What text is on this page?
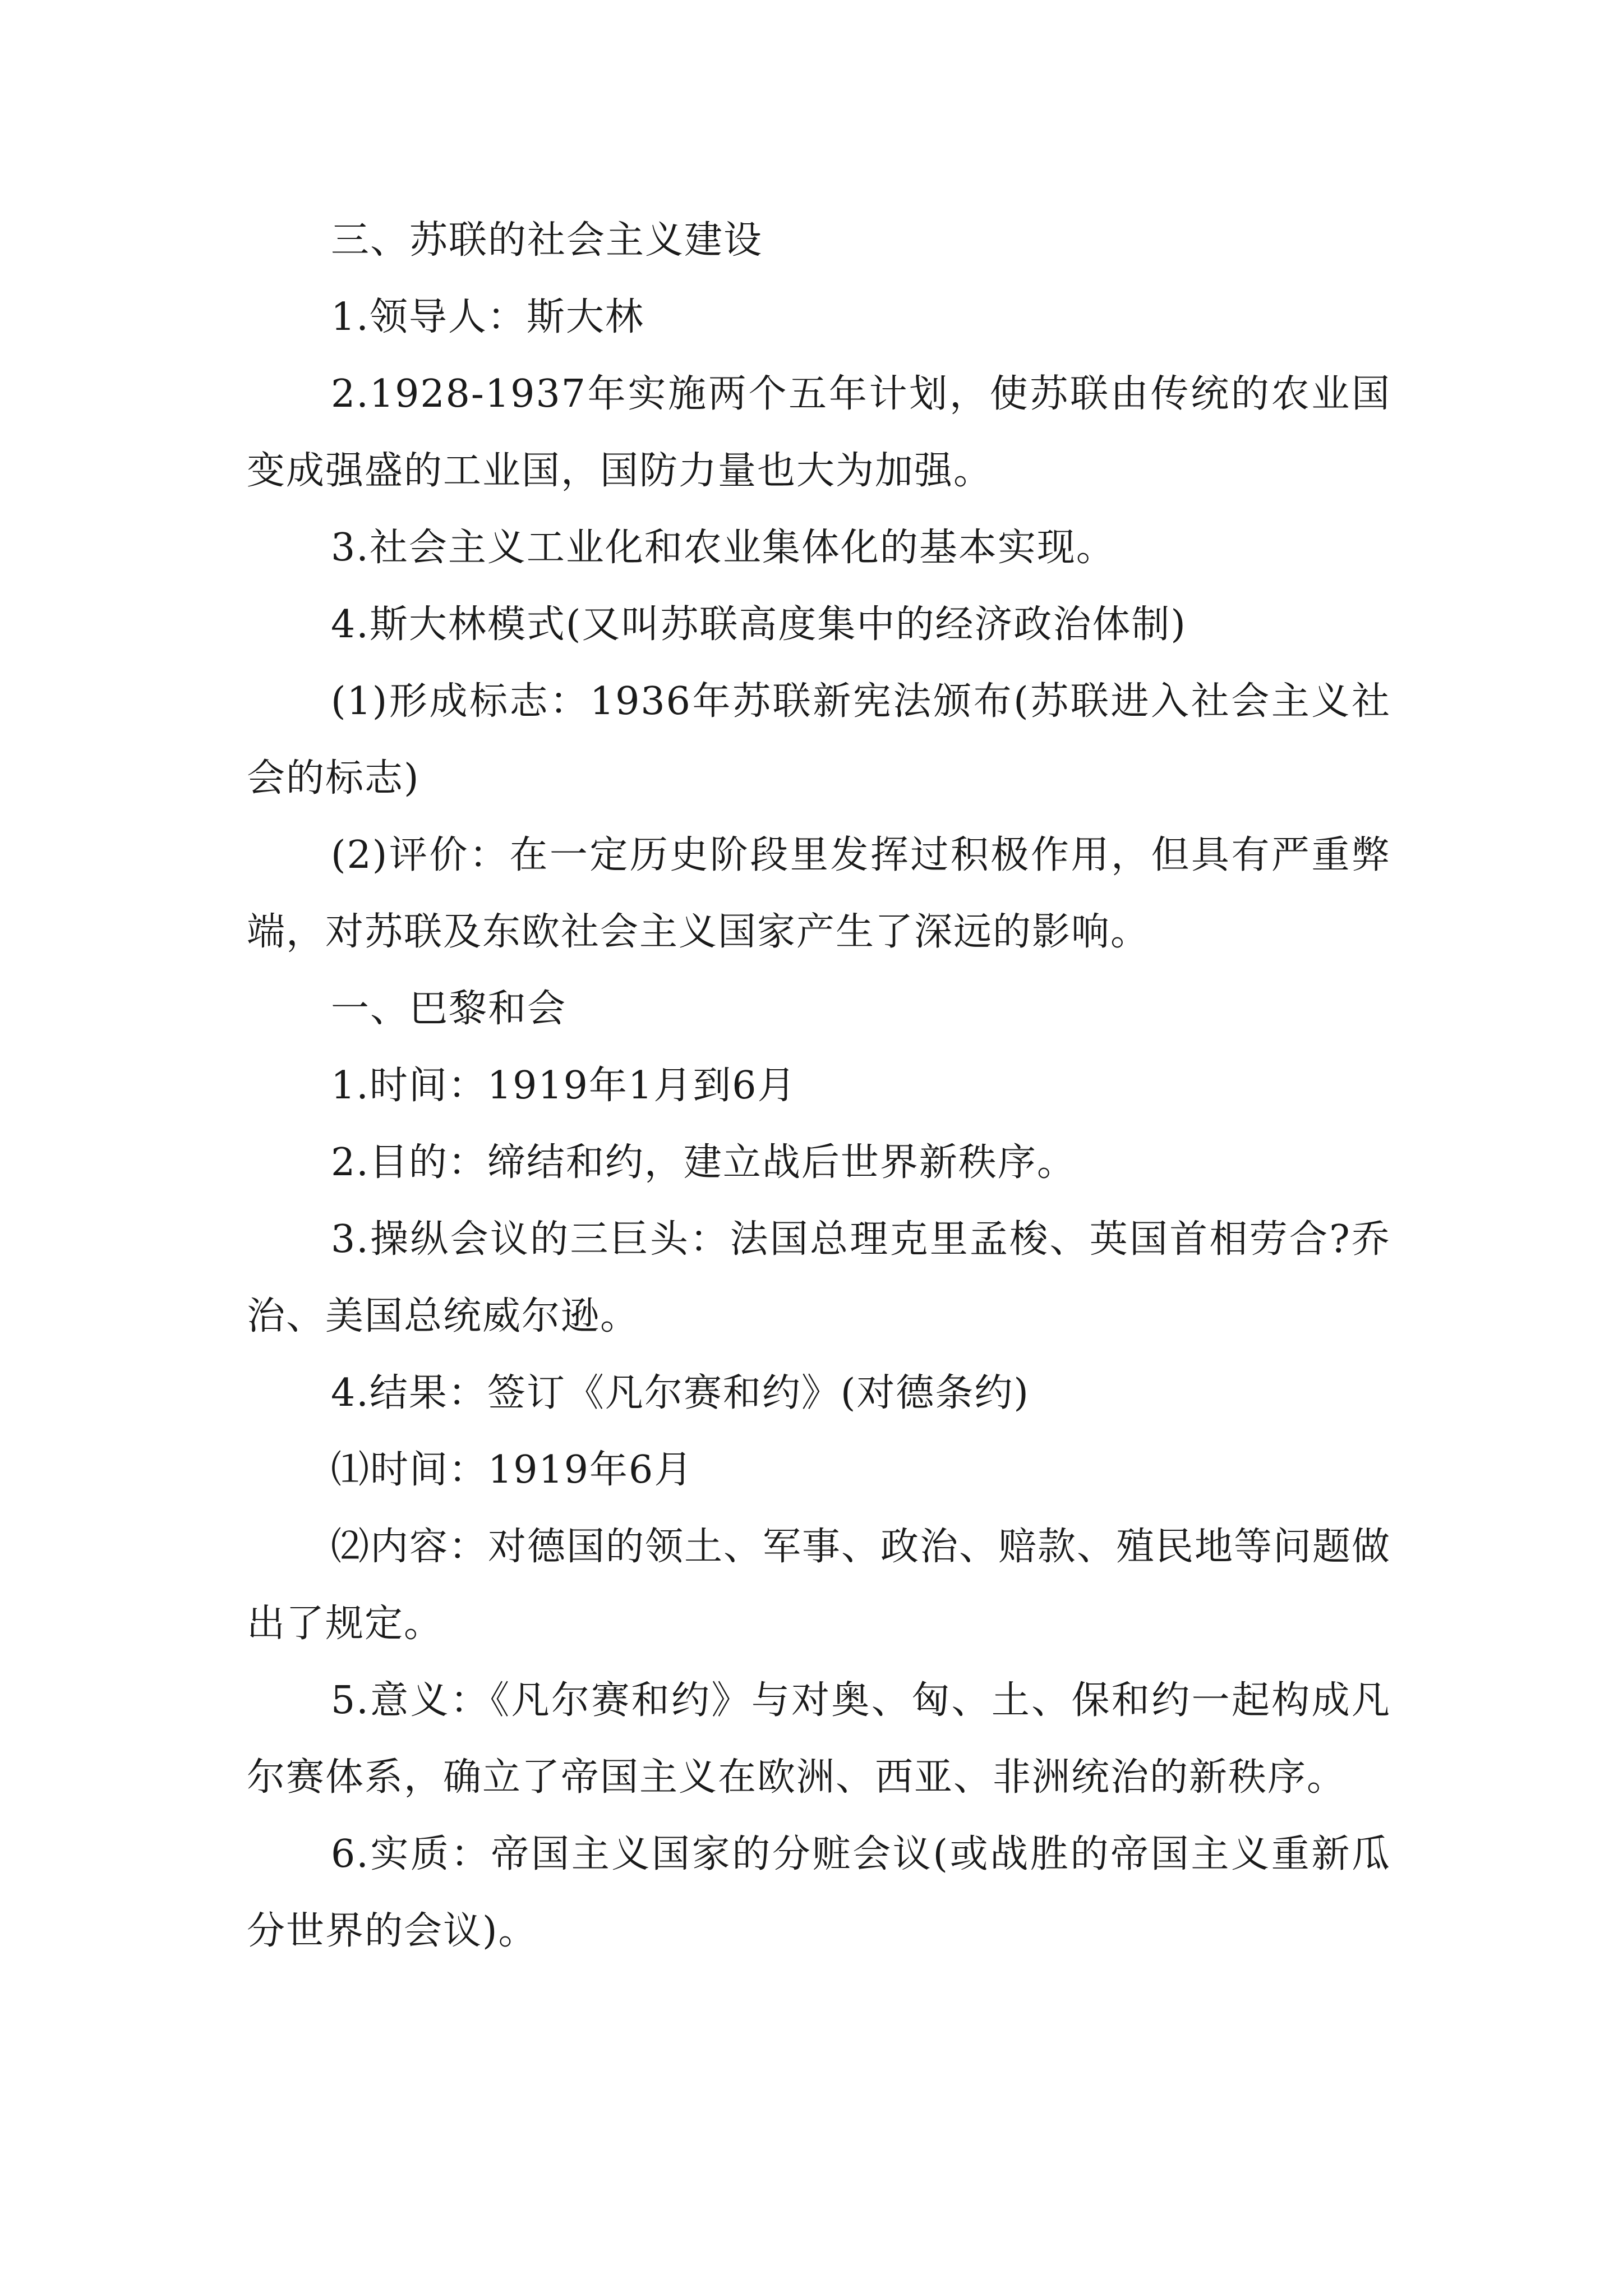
三、苏联的社会主义建设

1.领导人：斯大林

2.1928-1937年实施两个五年计划，使苏联由传统的农业国变成强盛的工业国，国防力量也大为加强。

3.社会主义工业化和农业集体化的基本实现。

4.斯大林模式(又叫苏联高度集中的经济政治体制)

(1)形成标志：1936年苏联新宪法颁布(苏联进入社会主义社会的标志)

(2)评价：在一定历史阶段里发挥过积极作用，但具有严重弊端，对苏联及东欧社会主义国家产生了深远的影响。

一、巴黎和会

1.时间：1919年1月到6月

2.目的：缔结和约，建立战后世界新秩序。

3.操纵会议的三巨头：法国总理克里孟梭、英国首相劳合?乔治、美国总统威尔逊。

4.结果：签订《凡尔赛和约》(对德条约)

⑴时间：1919年6月

⑵内容：对德国的领土、军事、政治、赔款、殖民地等问题做出了规定。

5.意义：《凡尔赛和约》与对奥、匈、土、保和约一起构成凡尔赛体系，确立了帝国主义在欧洲、西亚、非洲统治的新秩序。

6.实质：帝国主义国家的分赃会议(或战胜的帝国主义重新瓜分世界的会议)。
